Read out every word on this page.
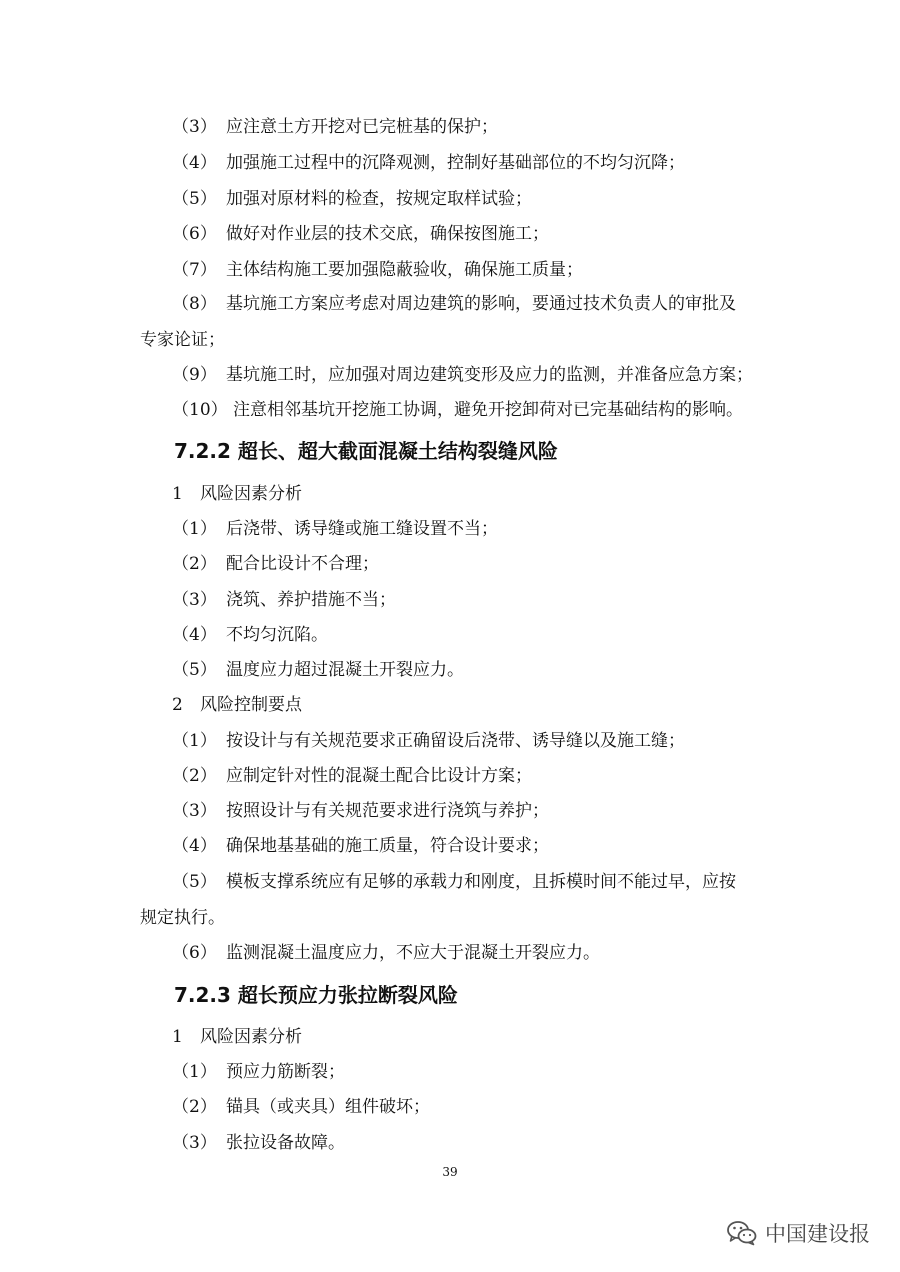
（3） 应注意土方开挖对已完桩基的保护；
（4） 加强施工过程中的沉降观测，控制好基础部位的不均匀沉降；
（5） 加强对原材料的检查，按规定取样试验；
（6） 做好对作业层的技术交底，确保按图施工；
（7） 主体结构施工要加强隐蔽验收，确保施工质量；
（8） 基坑施工方案应考虑对周边建筑的影响，要通过技术负责人的审批及
专家论证；
（9） 基坑施工时，应加强对周边建筑变形及应力的监测，并准备应急方案；
（10） 注意相邻基坑开挖施工协调，避免开挖卸荷对已完基础结构的影响。
7.2.2 超长、超大截面混凝土结构裂缝风险
1 风险因素分析
（1） 后浇带、诱导缝或施工缝设置不当；
（2） 配合比设计不合理；
（3） 浇筑、养护措施不当；
（4） 不均匀沉陷。
（5） 温度应力超过混凝土开裂应力。
2 风险控制要点
（1） 按设计与有关规范要求正确留设后浇带、诱导缝以及施工缝；
（2） 应制定针对性的混凝土配合比设计方案；
（3） 按照设计与有关规范要求进行浇筑与养护；
（4） 确保地基基础的施工质量，符合设计要求；
（5） 模板支撑系统应有足够的承载力和刚度，且拆模时间不能过早，应按
规定执行。
（6） 监测混凝土温度应力，不应大于混凝土开裂应力。
7.2.3 超长预应力张拉断裂风险
1 风险因素分析
（1） 预应力筋断裂；
（2） 锚具（或夹具）组件破坏；
（3） 张拉设备故障。
39
中国建设报
